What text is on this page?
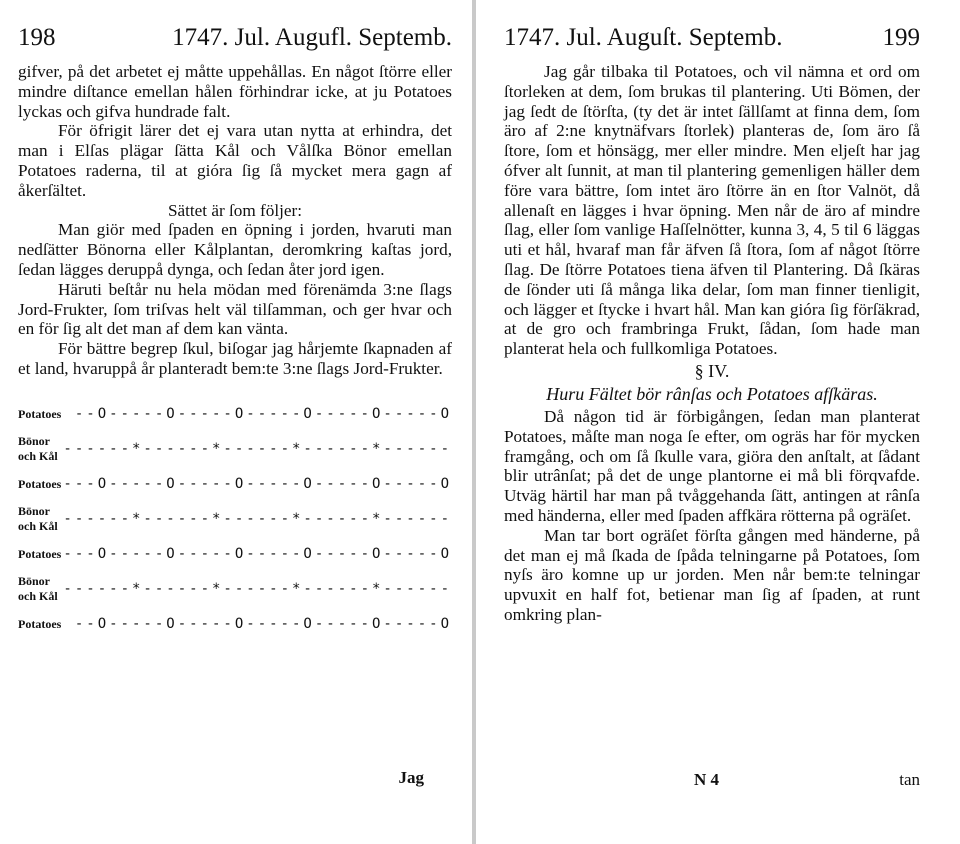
198	1747. Jul. Augufl. Septemb.

gifver, på det arbetet ej måtte uppehållas. En något ſtörre eller mindre diſtance emellan hålen förhindrar icke, at ju Potatoes lyckas och gifva hundrade falt.

För öfrigit lärer det ej vara utan nytta at erhindra, det man i Elſas plägar ſätta Kål och Vålſka Bönor emellan Potatoes raderna, til at gióra ſig ſå mycket mera gagn af åkerſältet.

Sättet är ſom följer:

Man giör med ſpaden en öpning i jorden, hvaruti man nedſätter Bönorna eller Kålplantan, deromkring kaſtas jord, ſedan lägges deruppå dynga, och ſedan åter jord igen.

Häruti beſtår nu hela mödan med förenämda 3:ne ſlags Jord-Frukter, ſom triſvas helt väl tilſamman, och ger hvar och en för ſig alt det man af dem kan vänta.

För bättre begrep ſkul, biſogar jag hårjemte ſkapnaden af et land, hvaruppå år planteradt bem:te 3:ne ſlags Jord-Frukter.

Potatoes --O-----O-----O-----O-----O-----O
Bönor och Kål ------*------*------*------*------
Potatoes ---O-----O-----O-----O-----O-----O
Bönor och Kål ------*------*------*------*------
Potatoes ---O-----O-----O-----O-----O-----O
Bönor och Kål ------*------*------*------*------
Potatoes --O-----O-----O-----O-----O-----O
Jag
1747. Jul. Auguſt. Septemb.	199

Jag går tilbaka til Potatoes, och vil nämna et ord om ſtorleken at dem, ſom brukas til plantering. Uti Bömen, der jag ſedt de ſtörſta, (ty det är intet ſällſamt at finna dem, ſom äro af 2:ne knytnäfvars ſtorlek) planteras de, ſom äro ſå ſtore, ſom et hönsägg, mer eller mindre. Men eljeſt har jag ófver alt ſunnit, at man til plantering gemenligen häller dem före vara bättre, ſom intet äro ſtörre än en ſtor Valnöt, då allenaſt en lägges i hvar öpning. Men når de äro af mindre ſlag, eller ſom vanlige Haſſelnötter, kunna 3, 4, 5 til 6 läggas uti et hål, hvaraf man får äfven ſå ſtora, ſom af något ſtörre ſlag. De ſtörre Potatoes tiena äfven til Plantering. Då ſkäras de ſönder uti ſå många lika delar, ſom man finner tienligit, och lägger et ſtycke i hvart hål. Man kan gióra ſig förſäkrad, at de gro och frambringa Frukt, ſådan, ſom hade man planterat hela och fullkomliga Potatoes.

§ IV.
Huru Fältet bör rânſas och Potatoes afſkäras.

Då någon tid är förbigången, ſedan man planterat Potatoes, måſte man noga ſe efter, om ogräs har för mycken framgång, och om ſå ſkulle vara, giöra den anſtalt, at ſådant blir utrânſat; på det de unge plantorne ei må bli förqvafde. Utväg härtil har man på tvåggehanda ſätt, antingen at rânſa med händerna, eller med ſpaden affkära rötterna på ogräſet.

Man tar bort ogräſet förſta gången med händerne, på det man ej må ſkada de ſpåda telningarne på Potatoes, ſom nyſs äro komne up ur jorden. Men når bem:te telningar upvuxit en half fot, betienar man ſig af ſpaden, at runt omkring plan-

N 4	tan
